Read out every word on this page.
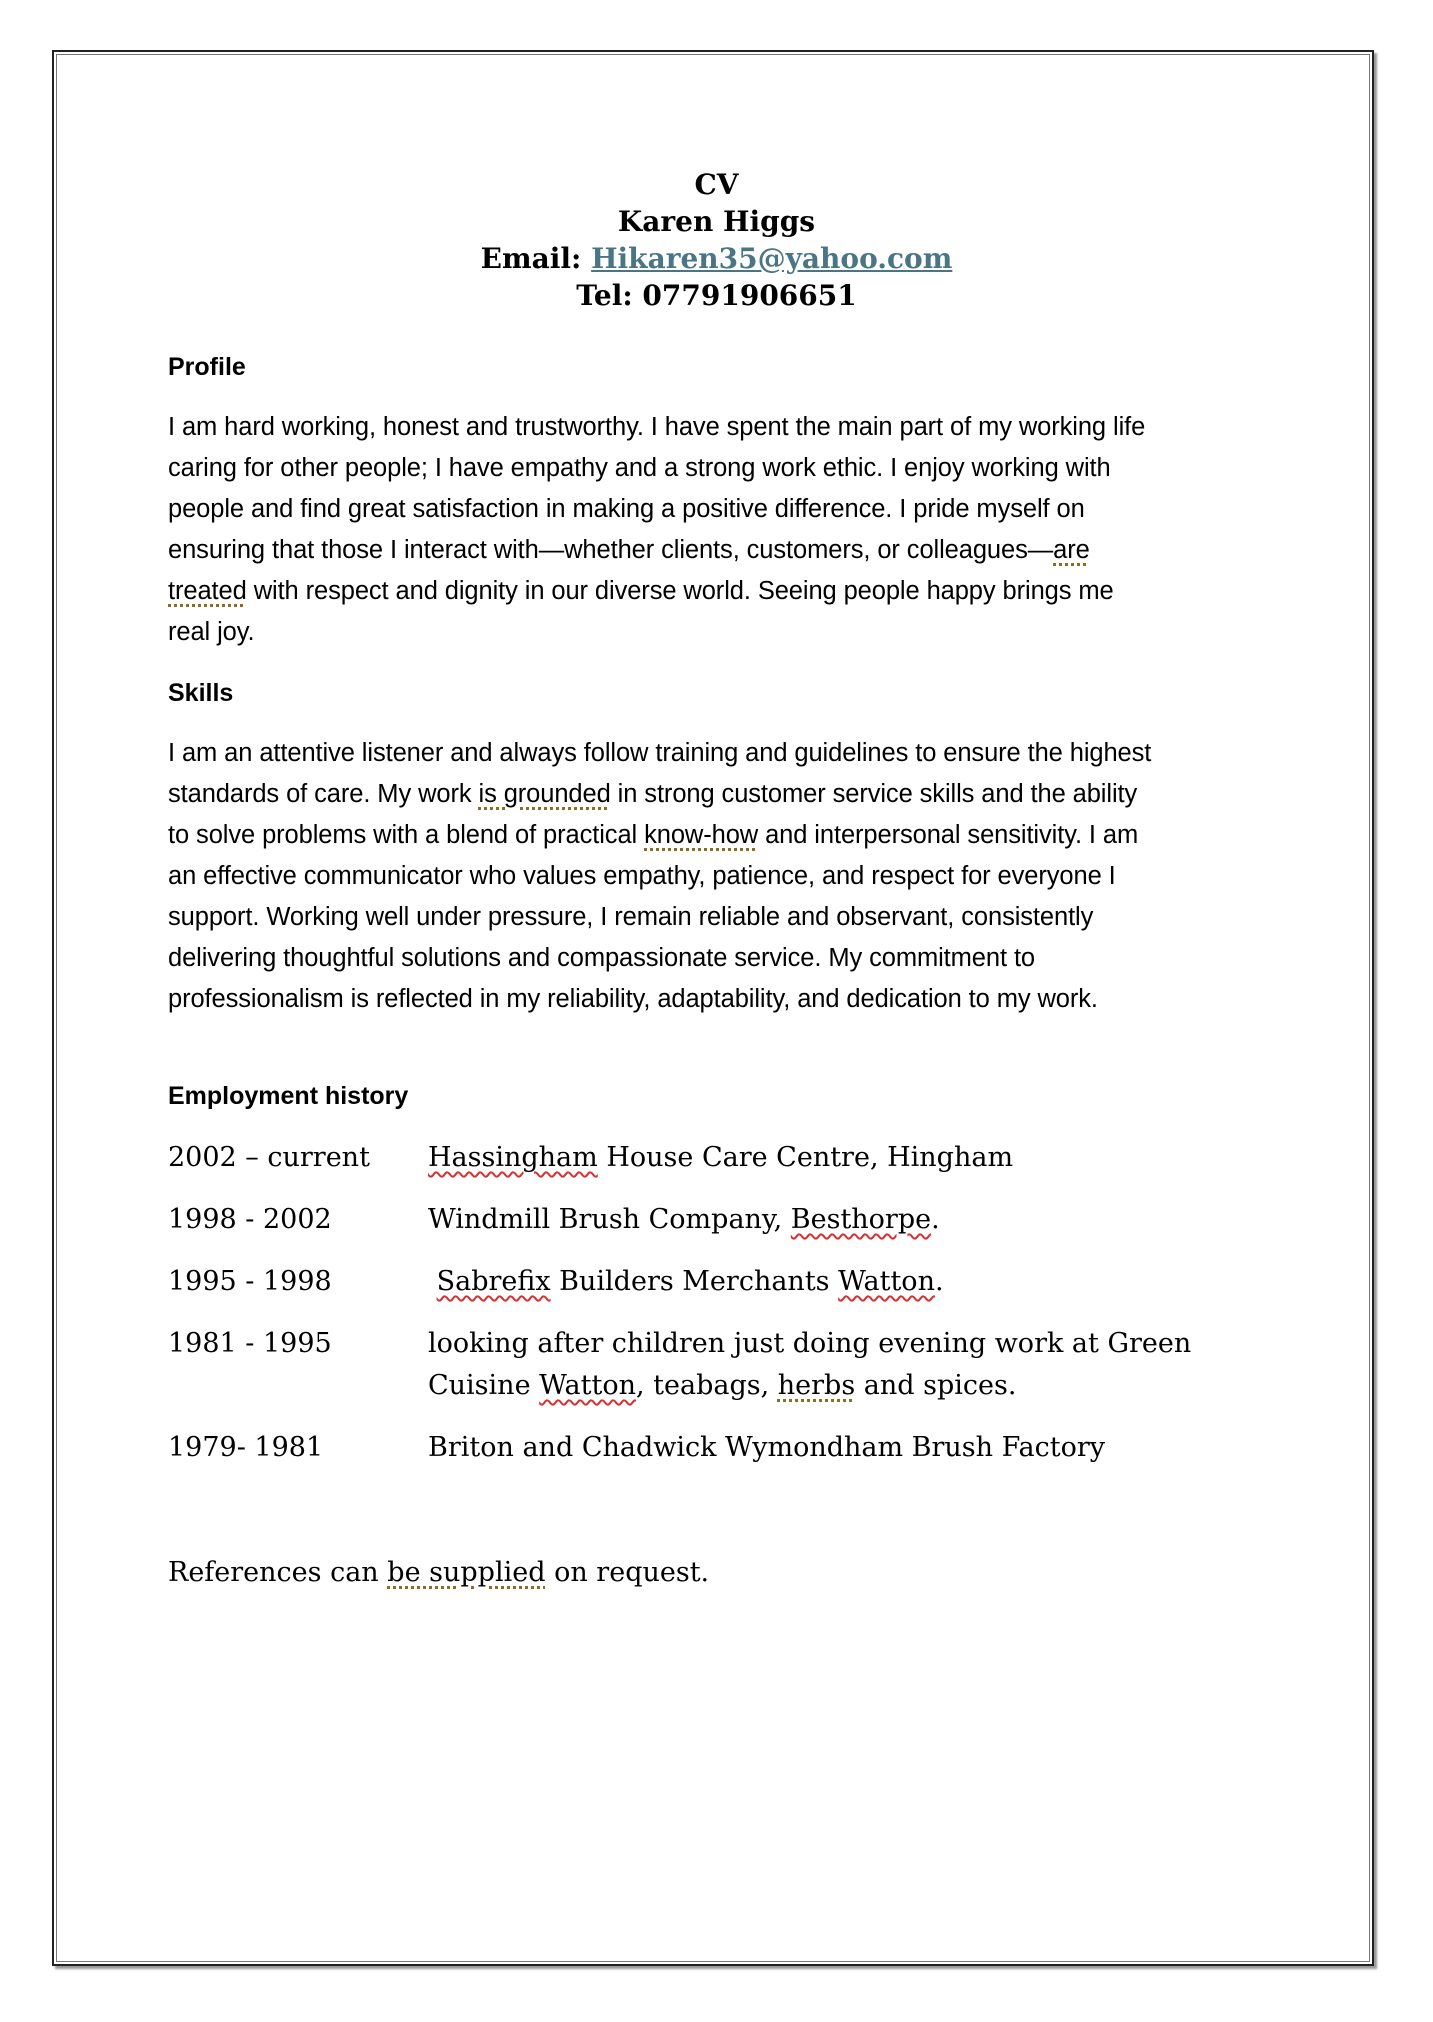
CV
Karen Higgs
Email: Hikaren35@yahoo.com
Tel: 07791906651
Profile
I am hard working, honest and trustworthy. I have spent the main part of my working life
caring for other people; I have empathy and a strong work ethic. I enjoy working with
people and find great satisfaction in making a positive difference. I pride myself on
ensuring that those I interact with—whether clients, customers, or colleagues—are
treated with respect and dignity in our diverse world. Seeing people happy brings me
real joy.
Skills
I am an attentive listener and always follow training and guidelines to ensure the highest
standards of care. My work is grounded in strong customer service skills and the ability
to solve problems with a blend of practical know-how and interpersonal sensitivity. I am
an effective communicator who values empathy, patience, and respect for everyone I
support. Working well under pressure, I remain reliable and observant, consistently
delivering thoughtful solutions and compassionate service. My commitment to
professionalism is reflected in my reliability, adaptability, and dedication to my work.
Employment history
2002 – current Hassingham House Care Centre, Hingham
1998 - 2002	Windmill Brush Company, Besthorpe.
1995 - 1998	Sabrefix Builders Merchants Watton.
1981 - 1995	looking after children just doing evening work at Green
Cuisine Watton, teabags, herbs and spices.
1979- 1981	Briton and Chadwick Wymondham Brush Factory
References can be supplied on request.
